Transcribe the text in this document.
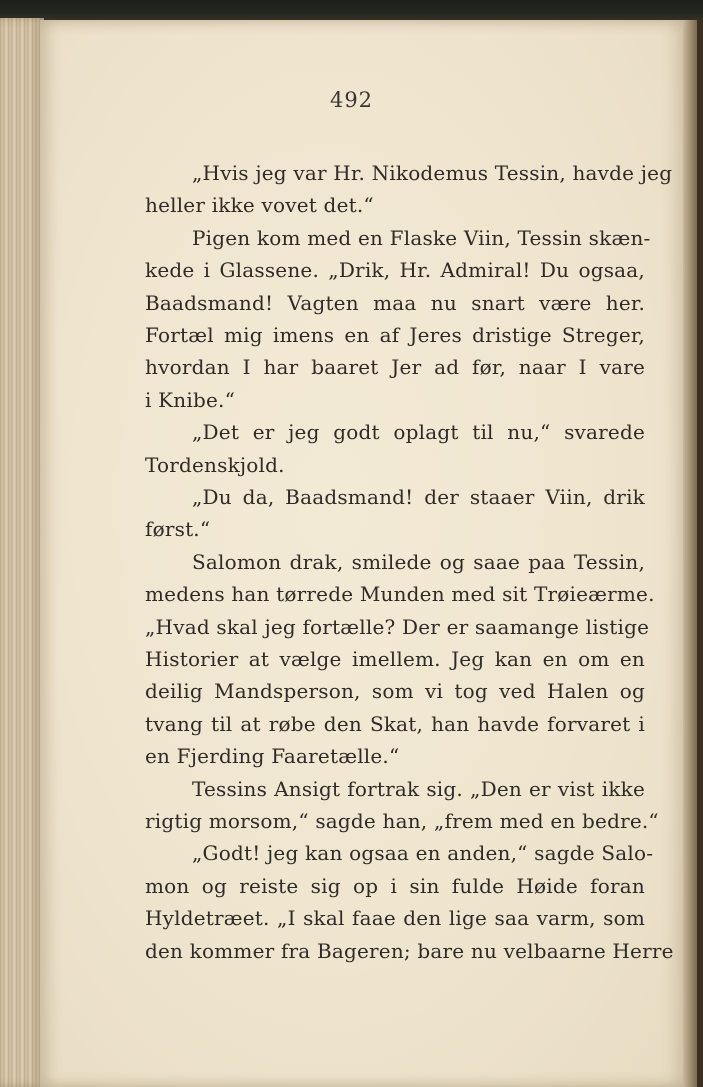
492
„Hvis jeg var Hr. Nikodemus Tessin, havde jeg
heller ikke vovet det.“
Pigen kom med en Flaske Viin, Tessin skæn-
kede i Glassene. „Drik, Hr. Admiral! Du ogsaa,
Baadsmand! Vagten maa nu snart være her.
Fortæl mig imens en af Jeres dristige Streger,
hvordan I har baaret Jer ad før, naar I vare
i Knibe.“
„Det er jeg godt oplagt til nu,“ svarede
Tordenskjold.
„Du da, Baadsmand! der staaer Viin, drik
først.“
Salomon drak, smilede og saae paa Tessin,
medens han tørrede Munden med sit Trøieærme.
„Hvad skal jeg fortælle? Der er saamange listige
Historier at vælge imellem. Jeg kan en om en
deilig Mandsperson, som vi tog ved Halen og
tvang til at røbe den Skat, han havde forvaret i
en Fjerding Faaretælle.“
Tessins Ansigt fortrak sig. „Den er vist ikke
rigtig morsom,“ sagde han, „frem med en bedre.“
„Godt! jeg kan ogsaa en anden,“ sagde Salo-
mon og reiste sig op i sin fulde Høide foran
Hyldetræet. „I skal faae den lige saa varm, som
den kommer fra Bageren; bare nu velbaarne Herre
